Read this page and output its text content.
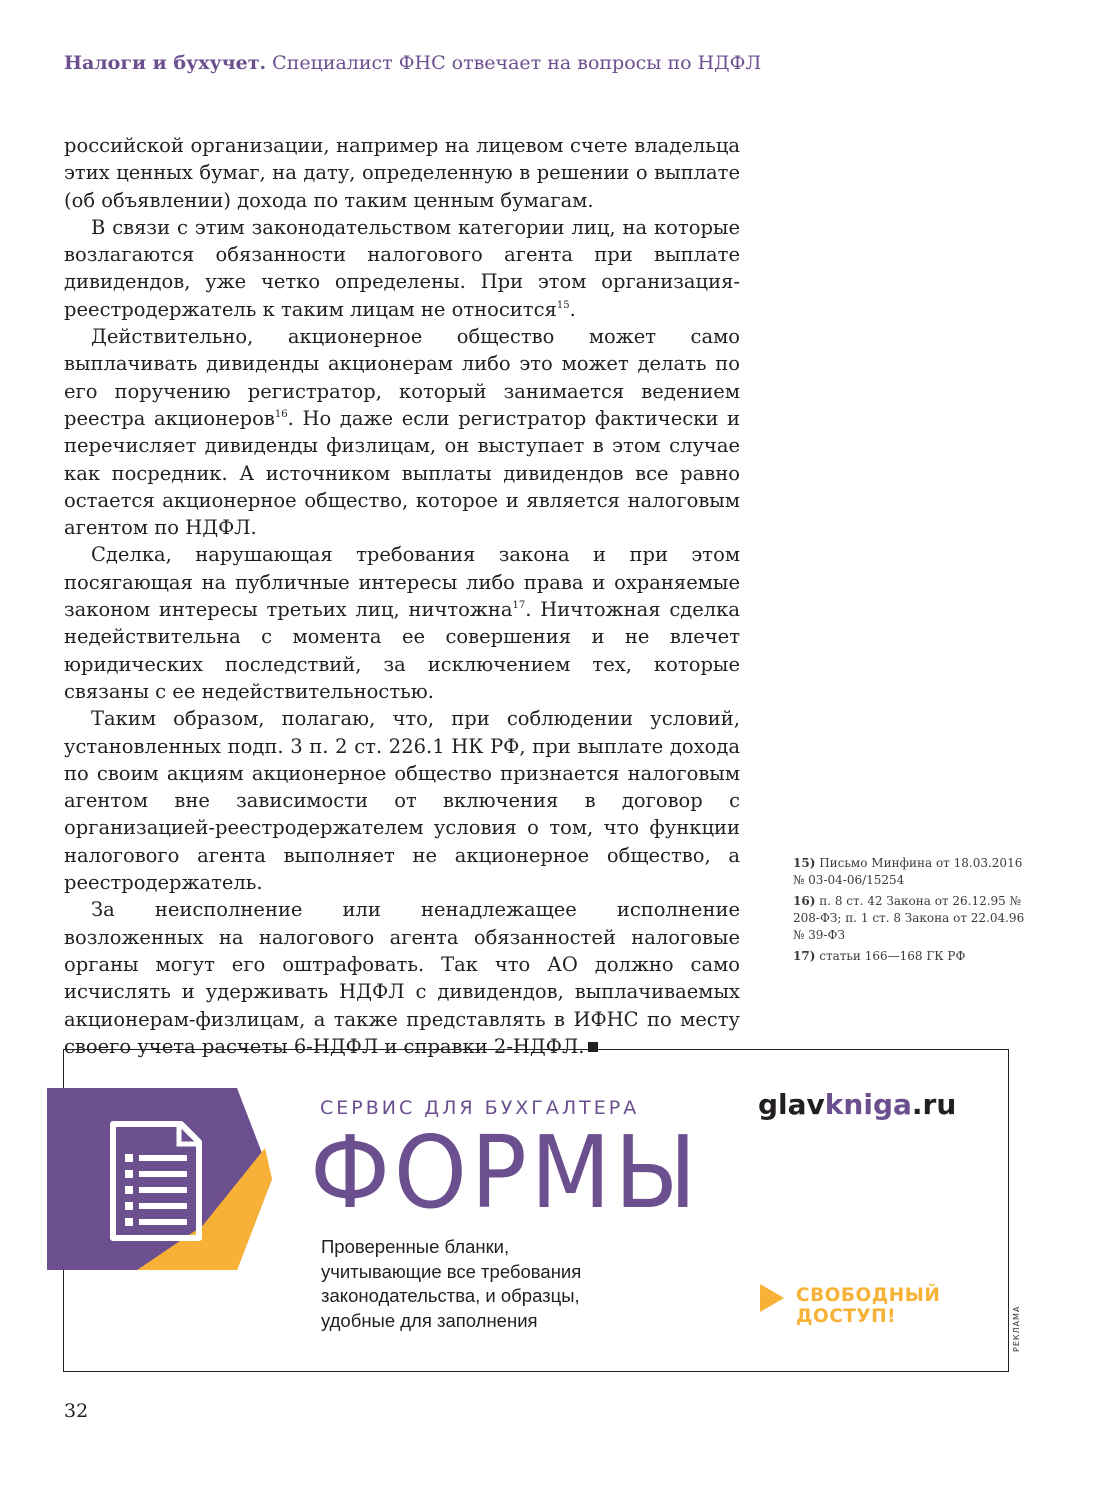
Налоги и бухучет. Специалист ФНС отвечает на вопросы по НДФЛ

российской организации, например на лицевом счете владельца этих ценных бумаг, на дату, определенную в решении о выплате (об объявлении) дохода по таким ценным бумагам.

В связи с этим законодательством категории лиц, на которые возлагаются обязанности налогового агента при выплате дивидендов, уже четко определены. При этом организация-реестродержатель к таким лицам не относится$^{15}$.

Действительно, акционерное общество может само выплачивать дивиденды акционерам либо это может делать по его поручению регистратор, который занимается ведением реестра акционеров$^{16}$. Но даже если регистратор фактически и перечисляет дивиденды физлицам, он выступает в этом случае как посредник. А источником выплаты дивидендов все равно остается акционерное общество, которое и является налоговым агентом по НДФЛ.

Сделка, нарушающая требования закона и при этом посягающая на публичные интересы либо права и охраняемые законом интересы третьих лиц, ничтожна$^{17}$. Ничтожная сделка недействительна с момента ее совершения и не влечет юридических последствий, за исключением тех, которые связаны с ее недействительностью.

Таким образом, полагаю, что, при соблюдении условий, установленных подп. 3 п. 2 ст. 226.1 НК РФ, при выплате дохода по своим акциям акционерное общество признается налоговым агентом вне зависимости от включения в договор с организацией-реестродержателем условия о том, что функции налогового агента выполняет не акционерное общество, а реестродержатель.

За неисполнение или ненадлежащее исполнение возложенных на налогового агента обязанностей налоговые органы могут его оштрафовать. Так что АО должно само исчислять и удерживать НДФЛ с дивидендов, выплачиваемых акционерам-физлицам, а также представлять в ИФНС по месту своего учета расчеты 6-НДФЛ и справки 2-НДФЛ.

15) Письмо Минфина от 18.03.2016 № 03-04-06/15254
16) п. 8 ст. 42 Закона от 26.12.95 № 208-ФЗ; п. 1 ст. 8 Закона от 22.04.96 № 39-ФЗ
17) статьи 166—168 ГК РФ
СЕРВИС ДЛЯ БУХГАЛТЕРА
ФОРМЫ
Проверенные бланки,
учитывающие все требования
законодательства, и образцы,
удобные для заполнения
glavkniga.ru
СВОБОДНЫЙ
ДОСТУП!	РЕКЛАМА
32
